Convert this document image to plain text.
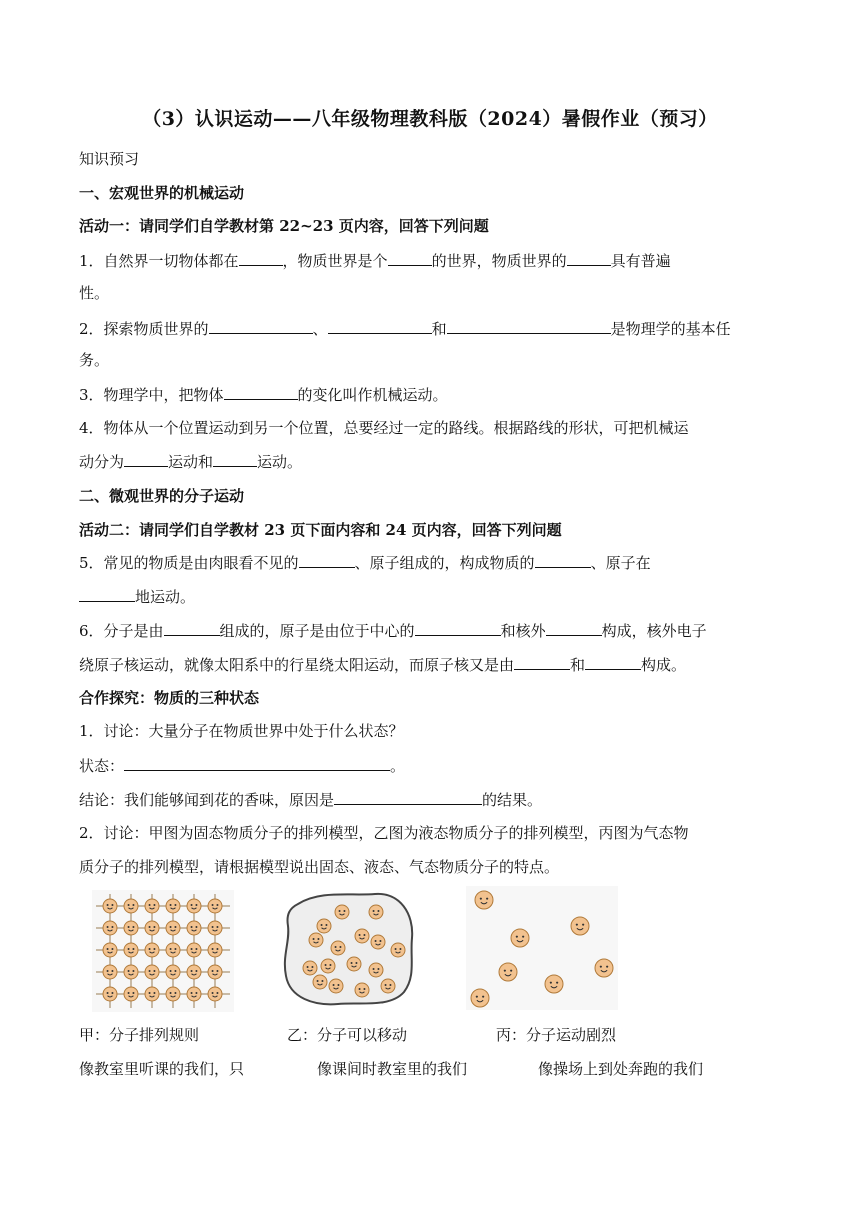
（3）认识运动——八年级物理教科版（2024）暑假作业（预习）
知识预习
一、宏观世界的机械运动
活动一：请同学们自学教材第 22~23 页内容，回答下列问题
1．自然界一切物体都在	，物质世界是个	的世界，物质世界的	具有普遍
性。
2．探索物质世界的	、	和	是物理学的基本任
务。
3．物理学中，把物体	的变化叫作机械运动。
4．物体从一个位置运动到另一个位置，总要经过一定的路线。根据路线的形状，可把机械运
动分为	运动和	运动。
二、微观世界的分子运动
活动二：请同学们自学教材 23 页下面内容和 24 页内容，回答下列问题
5．常见的物质是由肉眼看不见的	、原子组成的，构成物质的	、原子在
地运动。
6．分子是由	组成的，原子是由位于中心的	和核外	构成，核外电子
绕原子核运动，就像太阳系中的行星绕太阳运动，而原子核又是由	和	构成。
合作探究：物质的三种状态
1．讨论：大量分子在物质世界中处于什么状态？
状态：	。
结论：我们能够闻到花的香味，原因是	的结果。
2．讨论：甲图为固态物质分子的排列模型，乙图为液态物质分子的排列模型，丙图为气态物
质分子的排列模型，请根据模型说出固态、液态、气态物质分子的特点。
甲：分子排列规则	乙：分子可以移动	丙：分子运动剧烈
像教室里听课的我们，只	像课间时教室里的我们	像操场上到处奔跑的我们
